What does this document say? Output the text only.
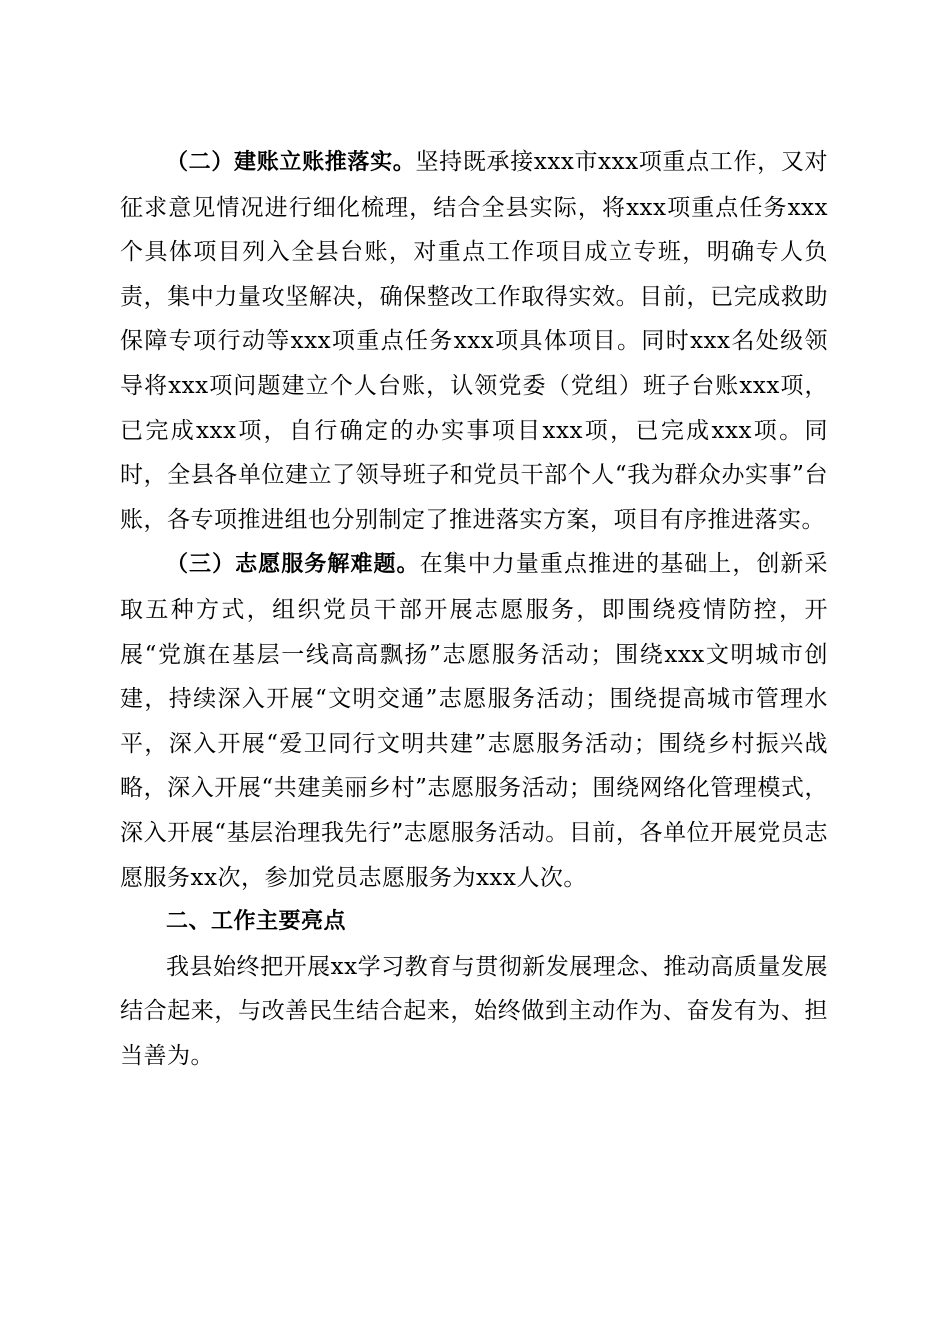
（二）建账立账推落实。坚持既承接xxx市xxx项重点工作，又对征求意见情况进行细化梳理，结合全县实际，将xxx项重点任务xxx个具体项目列入全县台账，对重点工作项目成立专班，明确专人负责，集中力量攻坚解决，确保整改工作取得实效。目前，已完成救助保障专项行动等xxx项重点任务xxx项具体项目。同时xxx名处级领导将xxx项问题建立个人台账，认领党委（党组）班子台账xxx项，已完成xxx项，自行确定的办实事项目xxx项，已完成xxx项。同时，全县各单位建立了领导班子和党员干部个人“我为群众办实事”台账，各专项推进组也分别制定了推进落实方案，项目有序推进落实。

（三）志愿服务解难题。在集中力量重点推进的基础上，创新采取五种方式，组织党员干部开展志愿服务，即围绕疫情防控，开展“党旗在基层一线高高飘扬”志愿服务活动；围绕xxx文明城市创建，持续深入开展“文明交通”志愿服务活动；围绕提高城市管理水平，深入开展“爱卫同行文明共建”志愿服务活动；围绕乡村振兴战略，深入开展“共建美丽乡村”志愿服务活动；围绕网络化管理模式，深入开展“基层治理我先行”志愿服务活动。目前，各单位开展党员志愿服务xx次，参加党员志愿服务为xxx人次。

二、工作主要亮点

我县始终把开展xx学习教育与贯彻新发展理念、推动高质量发展结合起来，与改善民生结合起来，始终做到主动作为、奋发有为、担当善为。
